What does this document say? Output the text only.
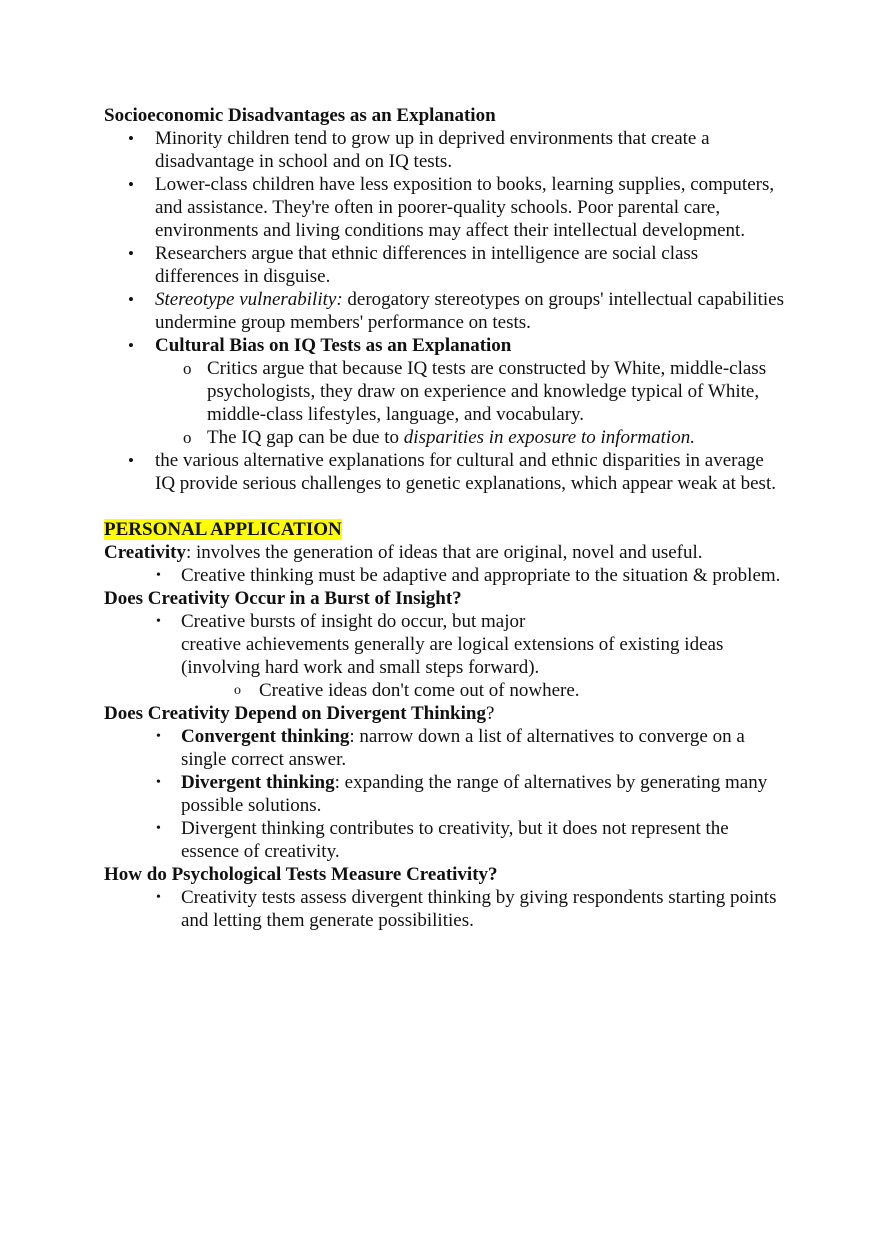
Socioeconomic Disadvantages as an Explanation
• Minority children tend to grow up in deprived environments that create a disadvantage in school and on IQ tests.
• Lower-class children have less exposition to books, learning supplies, computers, and assistance. They're often in poorer-quality schools. Poor parental care, environments and living conditions may affect their intellectual development.
• Researchers argue that ethnic differences in intelligence are social class differences in disguise.
• Stereotype vulnerability: derogatory stereotypes on groups' intellectual capabilities undermine group members' performance on tests.
• Cultural Bias on IQ Tests as an Explanation
o Critics argue that because IQ tests are constructed by White, middle-class psychologists, they draw on experience and knowledge typical of White, middle-class lifestyles, language, and vocabulary.
o The IQ gap can be due to disparities in exposure to information.
• the various alternative explanations for cultural and ethnic disparities in average IQ provide serious challenges to genetic explanations, which appear weak at best.
PERSONAL APPLICATION
Creativity: involves the generation of ideas that are original, novel and useful.
• Creative thinking must be adaptive and appropriate to the situation & problem.
Does Creativity Occur in a Burst of Insight?
• Creative bursts of insight do occur, but major
creative achievements generally are logical extensions of existing ideas (involving hard work and small steps forward).
o Creative ideas don't come out of nowhere.
Does Creativity Depend on Divergent Thinking?
• Convergent thinking: narrow down a list of alternatives to converge on a single correct answer.
• Divergent thinking: expanding the range of alternatives by generating many possible solutions.
• Divergent thinking contributes to creativity, but it does not represent the essence of creativity.
How do Psychological Tests Measure Creativity?
• Creativity tests assess divergent thinking by giving respondents starting points and letting them generate possibilities.
